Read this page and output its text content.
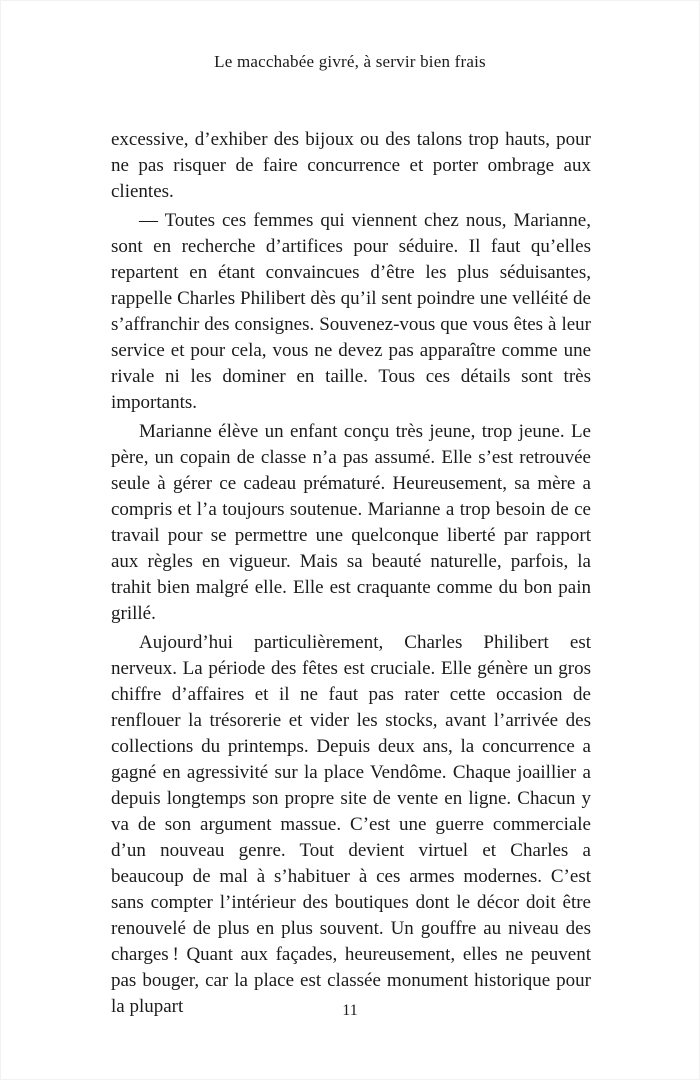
Le macchabée givré, à servir bien frais

excessive, d’exhiber des bijoux ou des talons trop hauts, pour ne pas risquer de faire concurrence et porter ombrage aux clientes.

— Toutes ces femmes qui viennent chez nous, Marianne, sont en recherche d’artifices pour séduire. Il faut qu’elles repartent en étant convaincues d’être les plus séduisantes, rappelle Charles Philibert dès qu’il sent poindre une velléité de s’affranchir des consignes. Souvenez-vous que vous êtes à leur service et pour cela, vous ne devez pas apparaître comme une rivale ni les dominer en taille. Tous ces détails sont très importants.

Marianne élève un enfant conçu très jeune, trop jeune. Le père, un copain de classe n’a pas assumé. Elle s’est retrouvée seule à gérer ce cadeau prématuré. Heureusement, sa mère a compris et l’a toujours soutenue. Marianne a trop besoin de ce travail pour se permettre une quelconque liberté par rapport aux règles en vigueur. Mais sa beauté naturelle, parfois, la trahit bien malgré elle. Elle est craquante comme du bon pain grillé.

Aujourd’hui particulièrement, Charles Philibert est nerveux. La période des fêtes est cruciale. Elle génère un gros chiffre d’affaires et il ne faut pas rater cette occasion de renflouer la trésorerie et vider les stocks, avant l’arrivée des collections du printemps. Depuis deux ans, la concurrence a gagné en agressivité sur la place Vendôme. Chaque joaillier a depuis longtemps son propre site de vente en ligne. Chacun y va de son argument massue. C’est une guerre commerciale d’un nouveau genre. Tout devient virtuel et Charles a beaucoup de mal à s’habituer à ces armes modernes. C’est sans compter l’intérieur des boutiques dont le décor doit être renouvelé de plus en plus souvent. Un gouffre au niveau des charges ! Quant aux façades, heureusement, elles ne peuvent pas bouger, car la place est classée monument historique pour la plupart	11
